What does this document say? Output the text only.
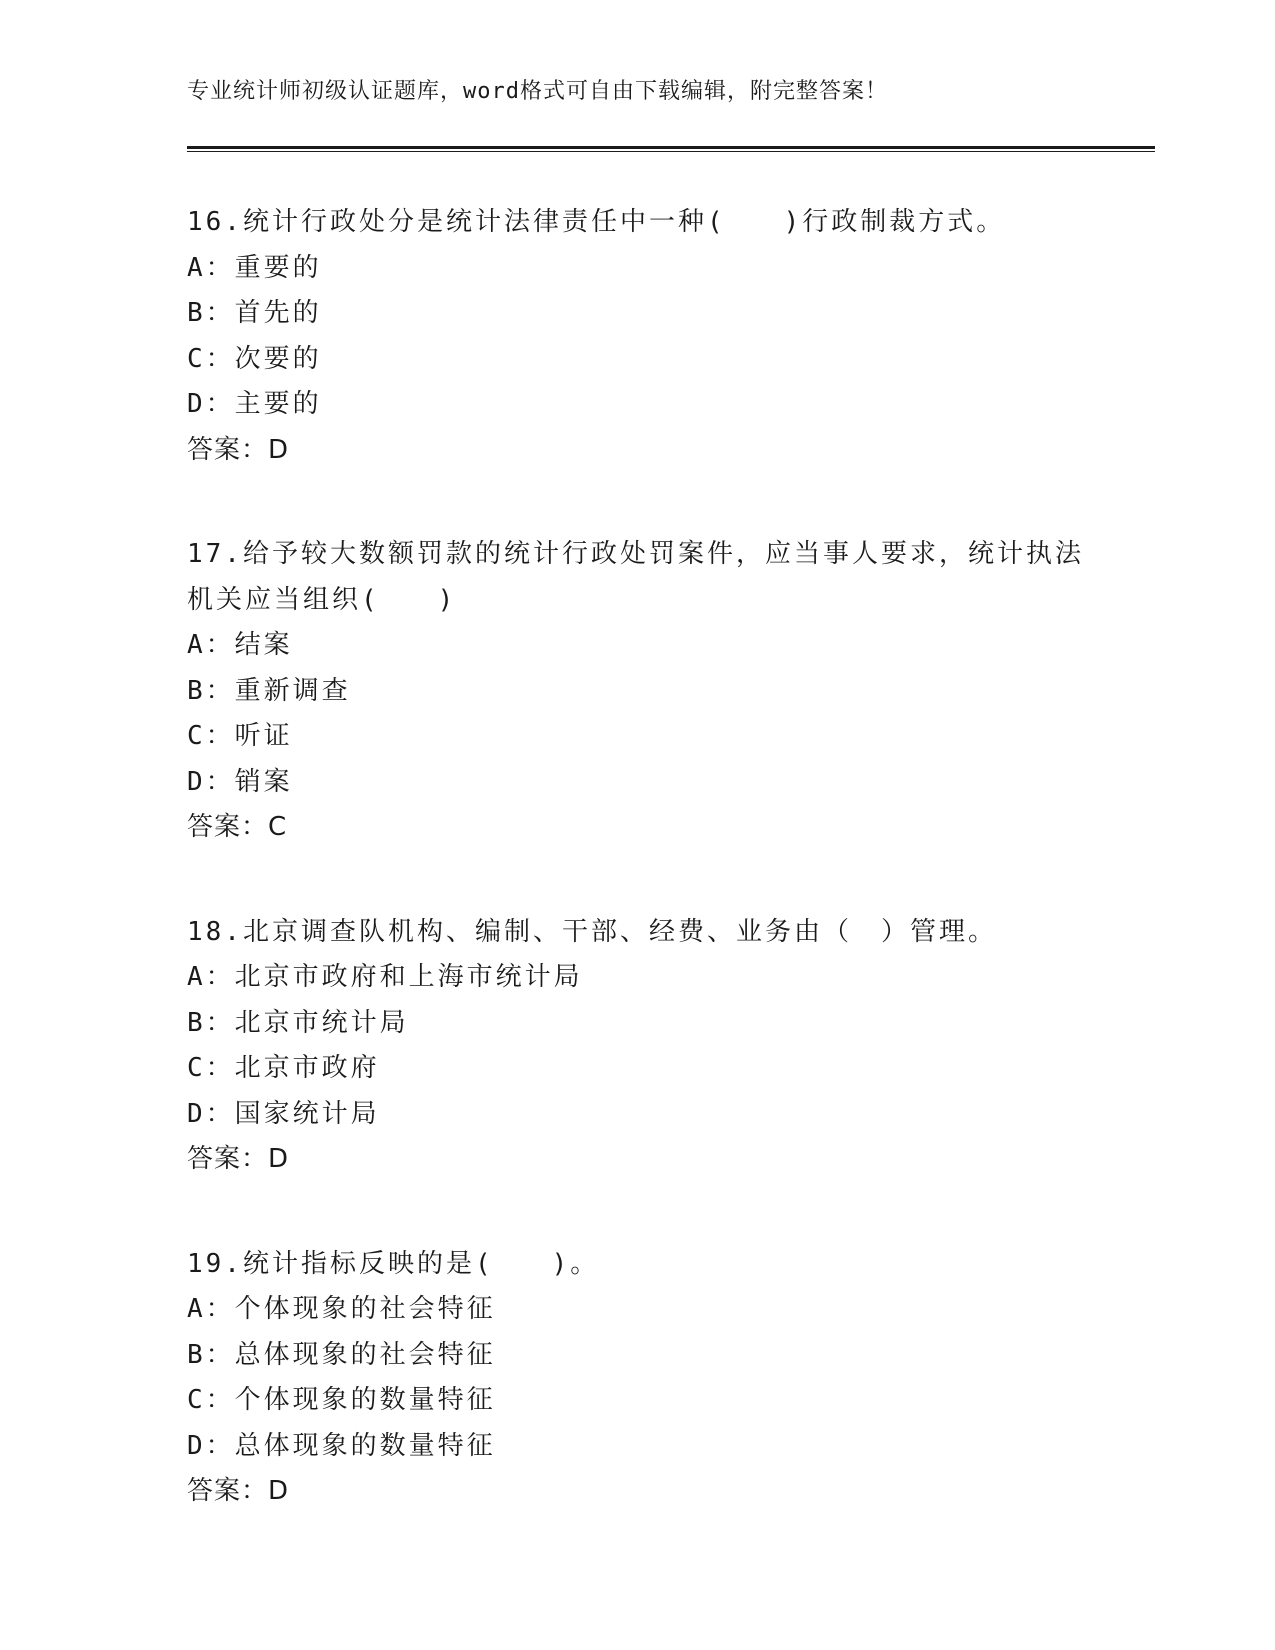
专业统计师初级认证题库，word格式可自由下载编辑，附完整答案！
16.统计行政处分是统计法律责任中一种(　　)行政制裁方式。
A：重要的
B：首先的
C：次要的
D：主要的
答案：D
17.给予较大数额罚款的统计行政处罚案件，应当事人要求，统计执法机关应当组织(　　)
A：结案
B：重新调查
C：听证
D：销案
答案：C
18.北京调查队机构、编制、干部、经费、业务由（　）管理。
A：北京市政府和上海市统计局
B：北京市统计局
C：北京市政府
D：国家统计局
答案：D
19.统计指标反映的是(　　)。
A：个体现象的社会特征
B：总体现象的社会特征
C：个体现象的数量特征
D：总体现象的数量特征
答案：D
